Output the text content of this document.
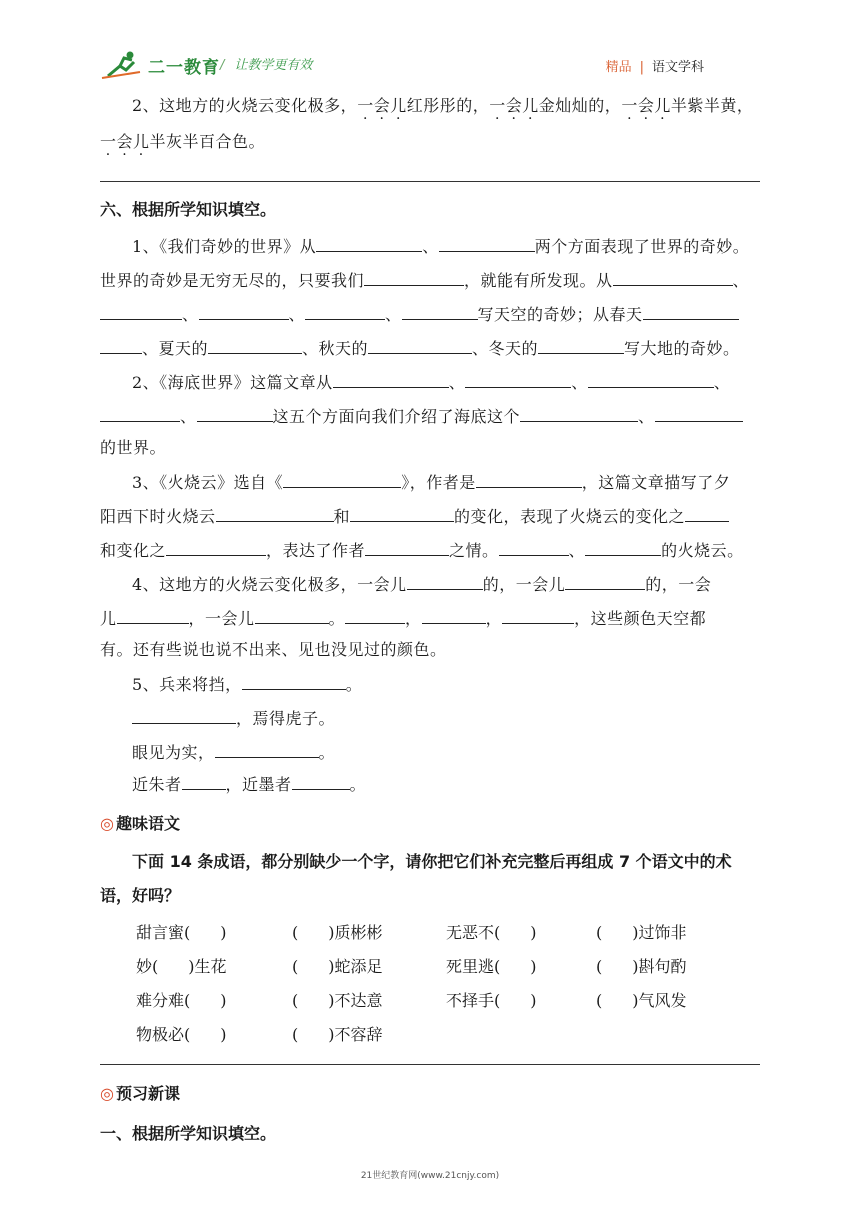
二一教育 / 让教学更有效	精品 | 语文学科
2、这地方的火烧云变化极多，一会儿红彤彤的，一会儿金灿灿的，一会儿半紫半黄，
一会儿半灰半百合色。
六、根据所学知识填空。
1、《我们奇妙的世界》从	、	两个方面表现了世界的奇妙。
世界的奇妙是无穷无尽的，只要我们	，就能有所发现。从	、
、	、	、	写天空的奇妙；从春天
、夏天的	、秋天的	、冬天的	写大地的奇妙。
2、《海底世界》这篇文章从	、	、	、
、	这五个方面向我们介绍了海底这个	、
的世界。
3、《火烧云》选自《	》，作者是	，这篇文章描写了夕
阳西下时火烧云	和	的变化，表现了火烧云的变化之
和变化之	，表达了作者	之情。	、	的火烧云。
4、这地方的火烧云变化极多，一会儿	的，一会儿	的，一会
儿	，一会儿	。	，	，	，这些颜色天空都
有。还有些说也说不出来、见也没见过的颜色。
5、兵来将挡，	。
，焉得虎子。
眼见为实，	。
近朱者	，近墨者	。
◎ 趣味语文
下面 14 条成语，都分别缺少一个字，请你把它们补充完整后再组成 7 个语文中的术
语，好吗？
甜言蜜( )	( )质彬彬	无恶不( )	( )过饰非
妙( )生花	( )蛇添足	死里逃( )	( )斟句酌
难分难( )	( )不达意	不择手( )	( )气风发
物极必( )	( )不容辞
◎ 预习新课
一、根据所学知识填空。
21世纪教育网(www.21cnjy.com)
